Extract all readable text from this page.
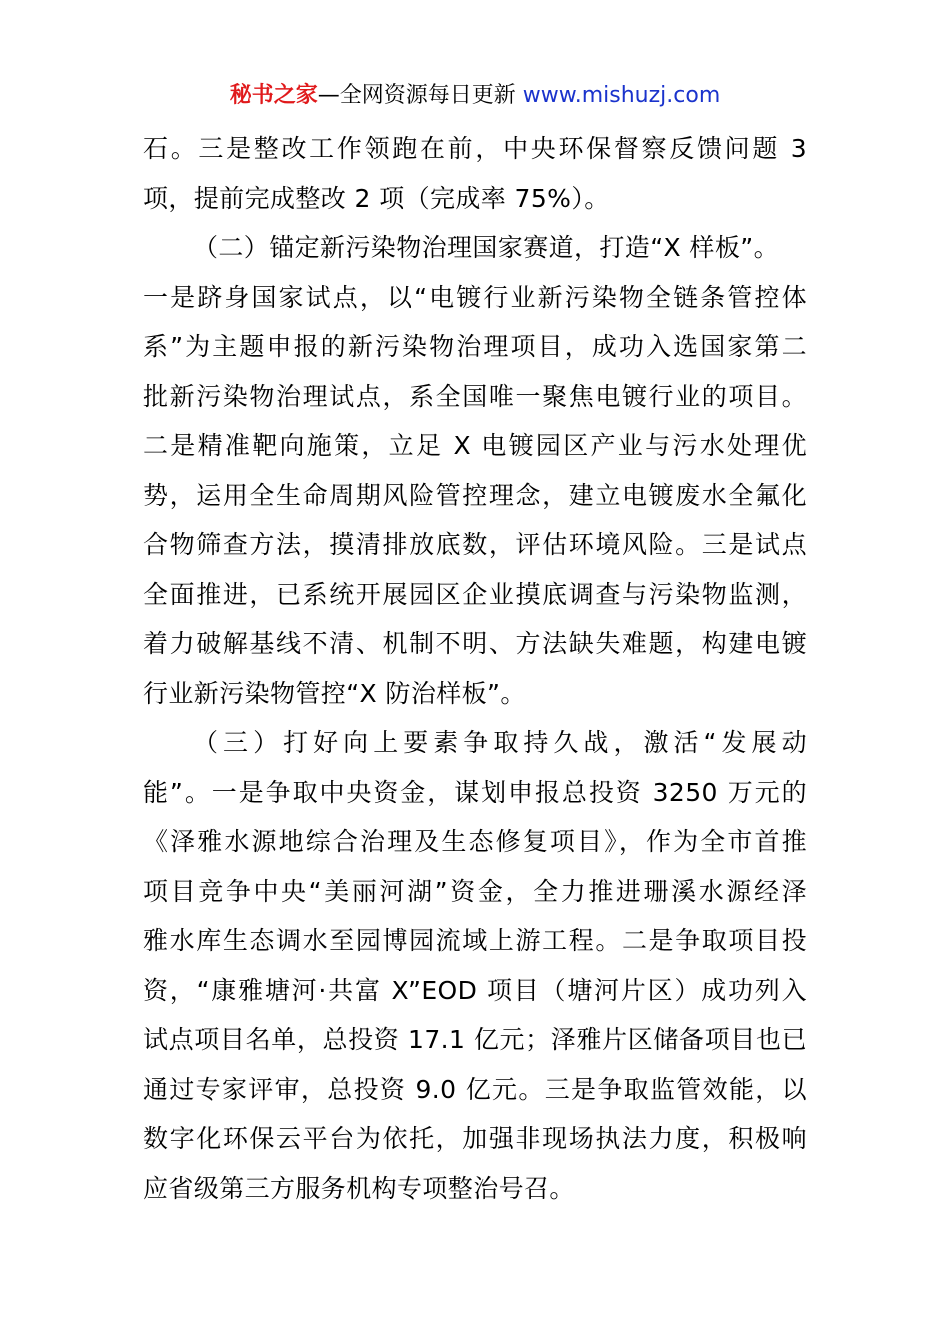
秘书之家—全网资源每日更新 www.mishuzj.com
石。三是整改工作领跑在前，中央环保督察反馈问题 3
项，提前完成整改 2 项（完成率 75%）。
（二）锚定新污染物治理国家赛道，打造“X 样板”。
一是跻身国家试点，以“电镀行业新污染物全链条管控体
系”为主题申报的新污染物治理项目，成功入选国家第二
批新污染物治理试点，系全国唯一聚焦电镀行业的项目。
二是精准靶向施策，立足 X 电镀园区产业与污水处理优
势，运用全生命周期风险管控理念，建立电镀废水全氟化
合物筛查方法，摸清排放底数，评估环境风险。三是试点
全面推进，已系统开展园区企业摸底调查与污染物监测，
着力破解基线不清、机制不明、方法缺失难题，构建电镀
行业新污染物管控“X 防治样板”。
（三）打好向上要素争取持久战，激活“发展动
能”。一是争取中央资金，谋划申报总投资 3250 万元的
《泽雅水源地综合治理及生态修复项目》，作为全市首推
项目竞争中央“美丽河湖”资金，全力推进珊溪水源经泽
雅水库生态调水至园博园流域上游工程。二是争取项目投
资，“康雅塘河·共富 X”EOD 项目（塘河片区）成功列入
试点项目名单，总投资 17.1 亿元；泽雅片区储备项目也已
通过专家评审，总投资 9.0 亿元。三是争取监管效能，以
数字化环保云平台为依托，加强非现场执法力度，积极响
应省级第三方服务机构专项整治号召。
